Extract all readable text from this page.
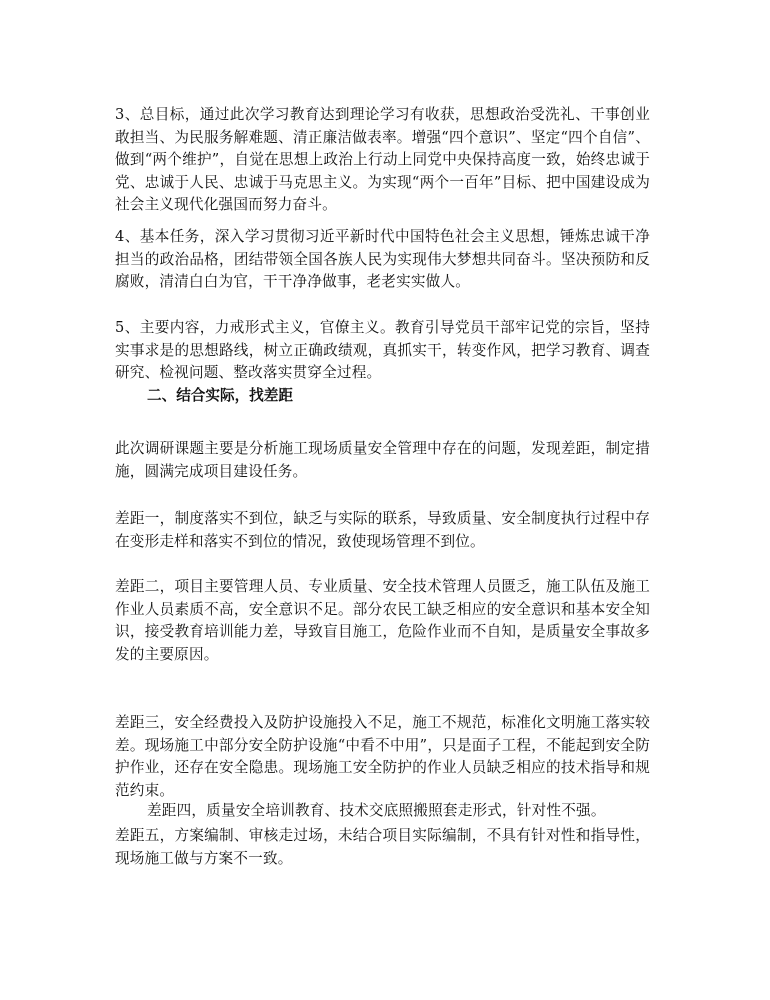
3、总目标，通过此次学习教育达到理论学习有收获，思想政治受洗礼、干事创业敢担当、为民服务解难题、清正廉洁做表率。增强“四个意识”、坚定“四个自信”、做到“两个维护”，自觉在思想上政治上行动上同党中央保持高度一致，始终忠诚于党、忠诚于人民、忠诚于马克思主义。为实现“两个一百年”目标、把中国建设成为社会主义现代化强国而努力奋斗。

4、基本任务，深入学习贯彻习近平新时代中国特色社会主义思想，锤炼忠诚干净担当的政治品格，团结带领全国各族人民为实现伟大梦想共同奋斗。坚决预防和反腐败，清清白白为官，干干净净做事，老老实实做人。

5、主要内容，力戒形式主义，官僚主义。教育引导党员干部牢记党的宗旨，坚持实事求是的思想路线，树立正确政绩观，真抓实干，转变作风，把学习教育、调查研究、检视问题、整改落实贯穿全过程。

二、结合实际，找差距

此次调研课题主要是分析施工现场质量安全管理中存在的问题，发现差距，制定措施，圆满完成项目建设任务。

差距一，制度落实不到位，缺乏与实际的联系，导致质量、安全制度执行过程中存在变形走样和落实不到位的情况，致使现场管理不到位。

差距二，项目主要管理人员、专业质量、安全技术管理人员匮乏，施工队伍及施工作业人员素质不高，安全意识不足。部分农民工缺乏相应的安全意识和基本安全知识，接受教育培训能力差，导致盲目施工，危险作业而不自知，是质量安全事故多发的主要原因。

差距三，安全经费投入及防护设施投入不足，施工不规范，标准化文明施工落实较差。现场施工中部分安全防护设施“中看不中用”，只是面子工程，不能起到安全防护作业，还存在安全隐患。现场施工安全防护的作业人员缺乏相应的技术指导和规范约束。

差距四，质量安全培训教育、技术交底照搬照套走形式，针对性不强。

差距五，方案编制、审核走过场，未结合项目实际编制，不具有针对性和指导性，现场施工做与方案不一致。
